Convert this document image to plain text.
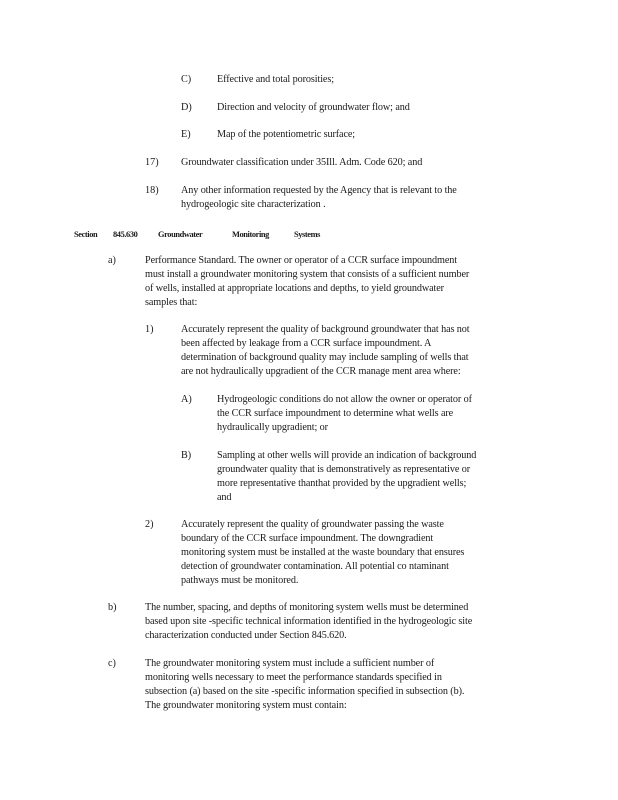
C)	Effective and total porosities;
D) Direction and velocity of groundwater flow; and
E)	Map of the potentiometric surface;
17) Groundwater classification under 35Ill. Adm. Code 620; and
18) Any other information requested by the Agency that is relevant to the
hydrogeologic site characterization .
Section 845.630 Groundwater	Monitoring	Systems
a)	Performance Standard. The owner or operator of a CCR surface impoundment
must install a groundwater monitoring system that consists of a sufficient number
of wells, installed at appropriate locations and depths, to yield groundwater
samples that:
1)	Accurately represent the quality of background groundwater that has not
been affected by leakage from a CCR surface impoundment. A
determination of background quality may include sampling of wells that
are not hydraulically upgradient of the CCR manage ment area where:
A) Hydrogeologic conditions do not allow the owner or operator of
the CCR surface impoundment to determine what wells are
hydraulically upgradient; or
B)	Sampling at other wells will provide an indication of background
groundwater quality that is demonstratively as representative or
more representative thanthat provided by the upgradient wells;
and
2)	Accurately represent the quality of groundwater passing the waste
boundary of the CCR surface impoundment. The downgradient
monitoring system must be installed at the waste boundary that ensures
detection of groundwater contamination. All potential co ntaminant
pathways must be monitored.
b)	The number, spacing, and depths of monitoring system wells must be determined
based upon site -specific technical information identified in the hydrogeologic site
characterization conducted under Section 845.620.
c)	The groundwater monitoring system must include a sufficient number of
monitoring wells necessary to meet the performance standards specified in
subsection (a) based on the site -specific information specified in subsection (b).
The groundwater monitoring system must contain:
